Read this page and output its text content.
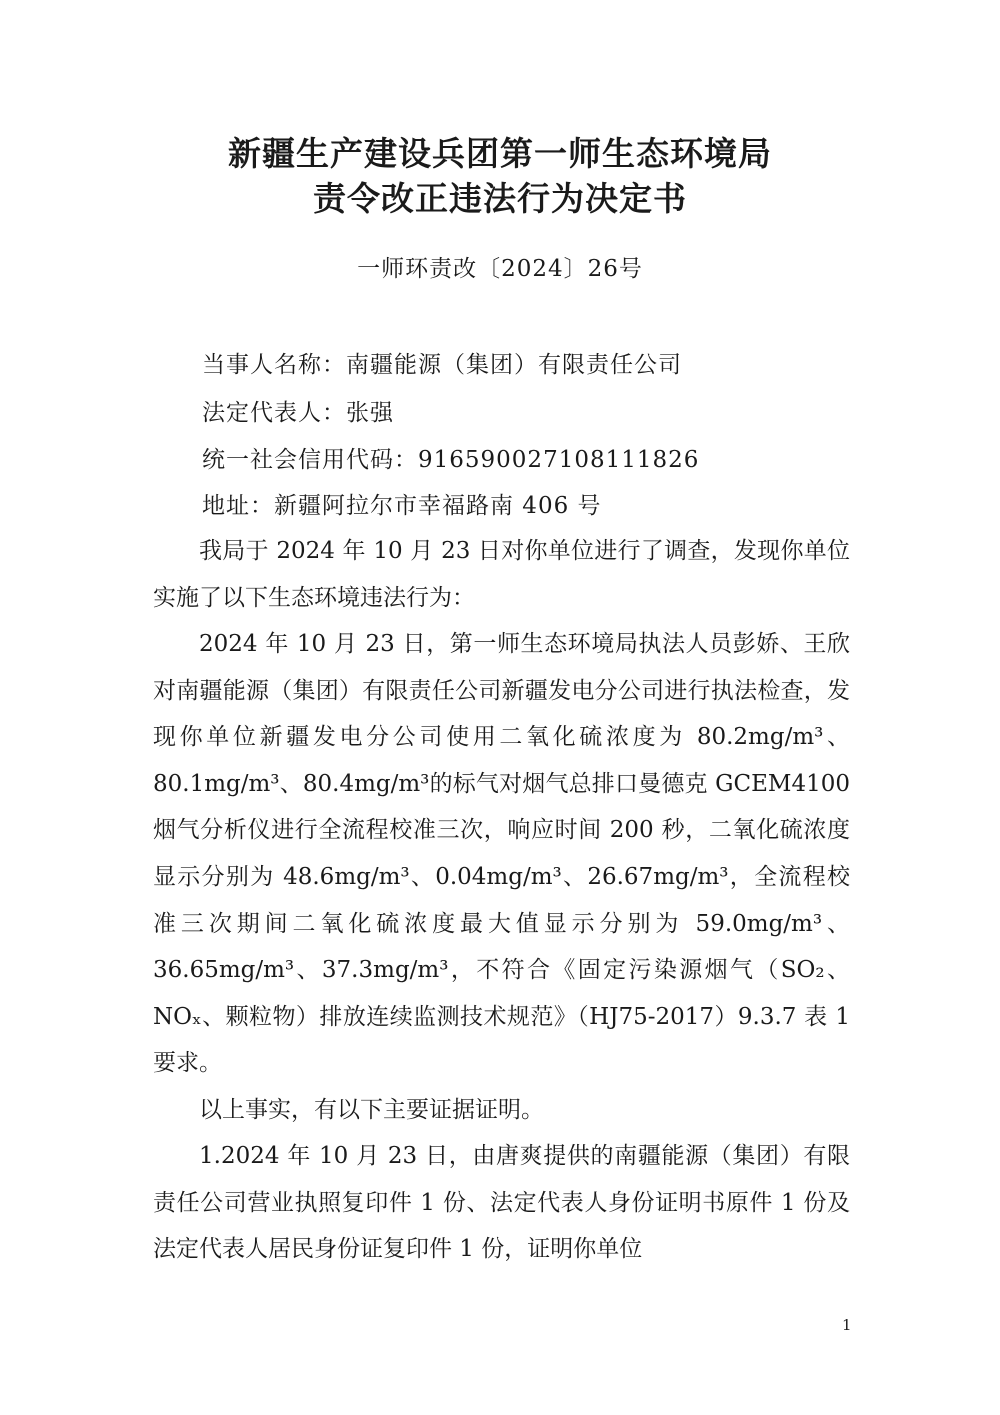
新疆生产建设兵团第一师生态环境局
责令改正违法行为决定书
一师环责改〔2024〕26号
当事人名称：南疆能源（集团）有限责任公司
法定代表人：张强
统一社会信用代码：916590027108111826
地址：新疆阿拉尔市幸福路南 406 号

我局于 2024 年 10 月 23 日对你单位进行了调查，发现你单位实施了以下生态环境违法行为：

2024 年 10 月 23 日，第一师生态环境局执法人员彭娇、王欣对南疆能源（集团）有限责任公司新疆发电分公司进行执法检查，发现你单位新疆发电分公司使用二氧化硫浓度为 80.2mg/m³、80.1mg/m³、80.4mg/m³的标气对烟气总排口曼德克 GCEM4100 烟气分析仪进行全流程校准三次，响应时间 200 秒，二氧化硫浓度显示分别为 48.6mg/m³、0.04mg/m³、26.67mg/m³，全流程校准三次期间二氧化硫浓度最大值显示分别为 59.0mg/m³、36.65mg/m³、37.3mg/m³，不符合《固定污染源烟气（SO₂、NOₓ、颗粒物）排放连续监测技术规范》（HJ75-2017）9.3.7 表 1 要求。

以上事实，有以下主要证据证明。

1.2024 年 10 月 23 日，由唐爽提供的南疆能源（集团）有限责任公司营业执照复印件 1 份、法定代表人身份证明书原件 1 份及法定代表人居民身份证复印件 1 份，证明你单位

1
